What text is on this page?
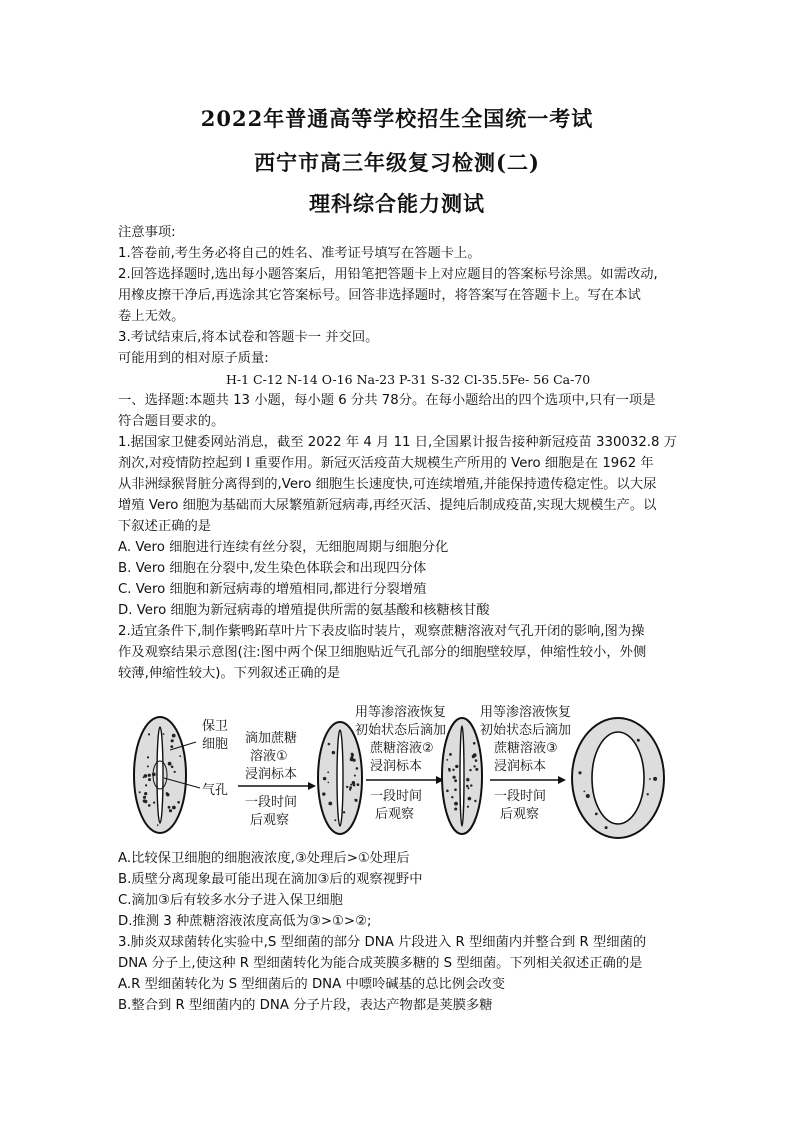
2022年普通高等学校招生全国统一考试
西宁市高三年级复习检测(二)
理科综合能力测试
注意事项:
1.答卷前,考生务必将自己的姓名、准考证号填写在答题卡上。
2.回答选择题时,选出每小题答案后，用铅笔把答题卡上对应题目的答案标号涂黑。如需改动,
用橡皮擦干净后,再选涂其它答案标号。回答非选择题时，将答案写在答题卡上。写在本试
卷上无效。
3.考试结束后,将本试卷和答题卡一 并交回。
可能用到的相对原子质量:
H-1 C-12 N-14 O-16 Na-23 P-31 S-32 Cl-35.5Fe- 56 Ca-70
一、选择题:本题共 13 小题，每小题 6 分共 78分。在每小题给出的四个选项中,只有一项是
符合题目要求的。
1.据国家卫健委网站消息，截至 2022 年 4 月 11 日,全国累计报告接种新冠疫苗 330032.8 万
剂次,对疫情防控起到 I 重要作用。新冠灭活疫苗大规模生产所用的 Vero 细胞是在 1962 年
从非洲绿猴肾脏分离得到的,Vero 细胞生长速度快,可连续增殖,并能保持遗传稳定性。以大尿
增殖 Vero 细胞为基础而大尿繁殖新冠病毒,再经灭活、提纯后制成疫苗,实现大规模生产。以
下叙述正确的是
A. Vero 细胞进行连续有丝分裂，无细胞周期与细胞分化
B. Vero 细胞在分裂中,发生染色体联会和出现四分体
C. Vero 细胞和新冠病毒的增殖相同,都进行分裂增殖
D. Vero 细胞为新冠病毒的增殖提供所需的氨基酸和核糖核甘酸
2.适宜条件下,制作紫鸭跖草叶片下表皮临时装片，观察蔗糖溶液对气孔开闭的影响,图为操
作及观察结果示意图(注:图中两个保卫细胞贴近气孔部分的细胞壁较厚，伸缩性较小，外侧
较薄,伸缩性较大)。下列叙述正确的是
保卫
细胞
气孔
滴加蔗糖
溶液①
浸润标本
一段时间
后观察
用等渗溶液恢复
初始状态后滴加
蔗糖溶液②
浸润标本
一段时间
后观察
用等渗溶液恢复
初始状态后滴加
蔗糖溶液③
浸润标本
一段时间
后观察
A.比较保卫细胞的细胞液浓度,③处理后>①处理后
B.质壁分离现象最可能出现在滴加③后的观察视野中
C.滴加③后有较多水分子进入保卫细胞
D.推测 3 种蔗糖溶液浓度高低为③>①>②;
3.肺炎双球菌转化实验中,S 型细菌的部分 DNA 片段进入 R 型细菌内并整合到 R 型细菌的
DNA 分子上,使这种 R 型细菌转化为能合成荚膜多糖的 S 型细菌。下列相关叙述正确的是
A.R 型细菌转化为 S 型细菌后的 DNA 中嘌呤碱基的总比例会改变
B.整合到 R 型细菌内的 DNA 分子片段，表达产物都是荚膜多糖
